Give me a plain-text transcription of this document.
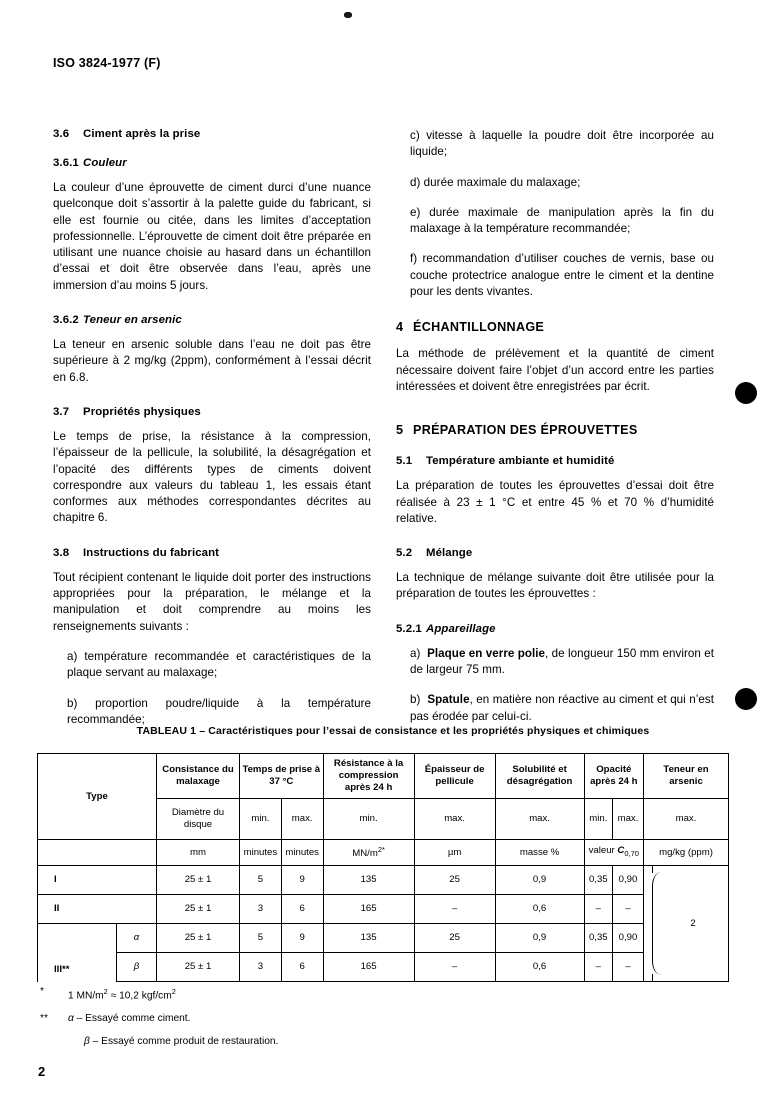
ISO 3824-1977 (F)
3.6 Ciment après la prise
3.6.1 Couleur

La couleur d’une éprouvette de ciment durci d’une nuance quelconque doit s’assortir à la palette guide du fabricant, si elle est fournie ou citée, dans les limites d’acceptation professionnelle. L’éprouvette de ciment doit être préparée en utilisant une nuance choisie au hasard dans un échantillon d’essai et doit être observée dans l’eau, après une immersion d’au moins 5 jours.

3.6.2 Teneur en arsenic

La teneur en arsenic soluble dans l’eau ne doit pas être supérieure à 2 mg/kg (2ppm), conformément à l’essai décrit en 6.8.

3.7 Propriétés physiques

Le temps de prise, la résistance à la compression, l’épaisseur de la pellicule, la solubilité, la désagrégation et l’opacité des différents types de ciments doivent correspondre aux valeurs du tableau 1, les essais étant conformes aux méthodes correspondantes décrites au chapitre 6.

3.8 Instructions du fabricant

Tout récipient contenant le liquide doit porter des instructions appropriées pour la préparation, le mélange et la manipulation et doit comprendre au moins les renseignements suivants :

a) température recommandée et caractéristiques de la plaque servant au malaxage;

b) proportion poudre/liquide à la température recommandée;

c) vitesse à laquelle la poudre doit être incorporée au liquide;

d) durée maximale du malaxage;

e) durée maximale de manipulation après la fin du malaxage à la température recommandée;

f) recommandation d’utiliser couches de vernis, base ou couche protectrice analogue entre le ciment et la dentine pour les dents vivantes.

4 ÉCHANTILLONNAGE

La méthode de prélèvement et la quantité de ciment nécessaire doivent faire l’objet d’un accord entre les parties intéressées et doivent être enregistrées par écrit.

5 PRÉPARATION DES ÉPROUVETTES
5.1 Température ambiante et humidité

La préparation de toutes les éprouvettes d’essai doit être réalisée à 23 ± 1 °C et entre 45 % et 70 % d’humidité relative.

5.2 Mélange

La technique de mélange suivante doit être utilisée pour la préparation de toutes les éprouvettes :

5.2.1 Appareillage

a) Plaque en verre polie, de longueur 150 mm environ et de largeur 75 mm.

b) Spatule, en matière non réactive au ciment et qui n’est pas érodée par celui-ci.

TABLEAU 1 – Caractéristiques pour l’essai de consistance et les propriétés physiques et chimiques
Type		Consistance du malaxage	Temps de prise à 37 °C		Résistance à la compression après 24 h	Épaisseur de pellicule	Solubilité et désagrégation	Opacité après 24 h		Teneur en arsenic
		Diamètre du disque	min.	max.	min.	max.	max.	min.	max.	max.
		mm	minutes	minutes	$MN/m^{2*}$	µm	masse %	valeur $C_{0,70}$		mg/kg (ppm)
I		25 ± 1	5	9	135	25	0,9	0,35	0,90	2
II		25 ± 1	3	6	165	–	0,6	–	–	
III**	α	25 ± 1	5	9	135	25	0,9	0,35	0,90	
	β	25 ± 1	3	6	165	–	0,6	–	–	
*	1 $MN/m^2 \approx 10,2$ kgf/$cm^2$
**	α – Essayé comme ciment.
β – Essayé comme produit de restauration.
2
